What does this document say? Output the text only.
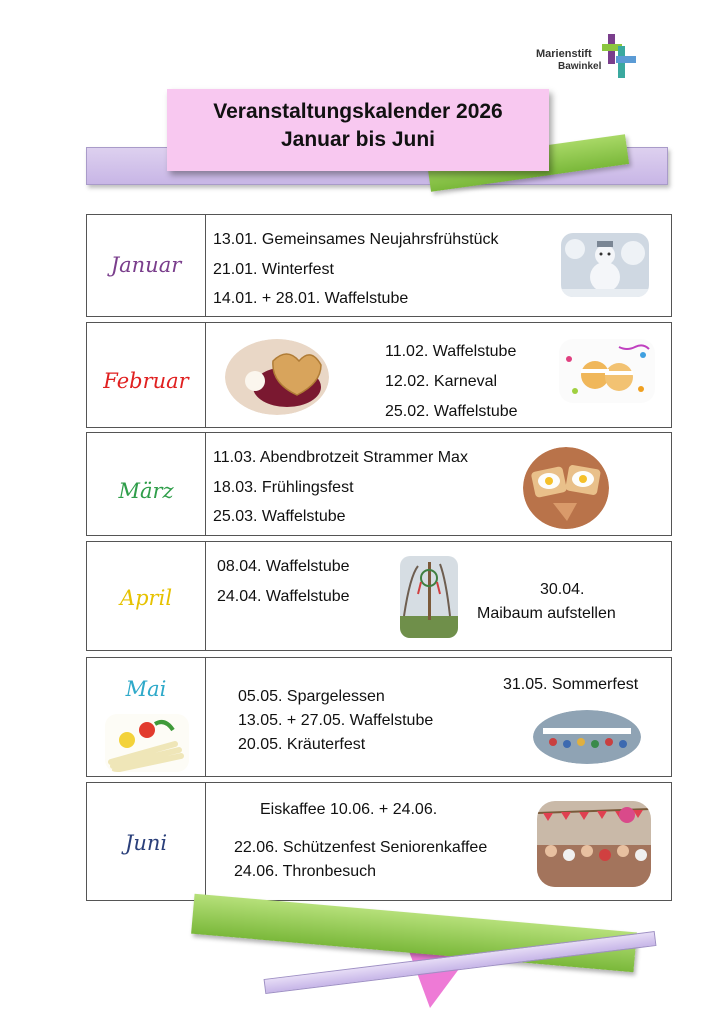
Marienstift
Bawinkel
Veranstaltungskalender 2026
Januar bis Juni
Januar
13.01. Gemeinsames Neujahrsfrühstück
21.01. Winterfest
14.01. + 28.01. Waffelstube
Februar
11.02. Waffelstube
12.02. Karneval
25.02. Waffelstube
März
11.03. Abendbrotzeit Strammer Max
18.03. Frühlingsfest
25.03. Waffelstube
April
08.04. Waffelstube
24.04. Waffelstube	30.04.
Maibaum aufstellen
Mai	31.05. Sommerfest
05.05. Spargelessen
13.05. + 27.05. Waffelstube
20.05. Kräuterfest
Juni
Eiskaffee 10.06. + 24.06.
22.06. Schützenfest Seniorenkaffee
24.06. Thronbesuch
